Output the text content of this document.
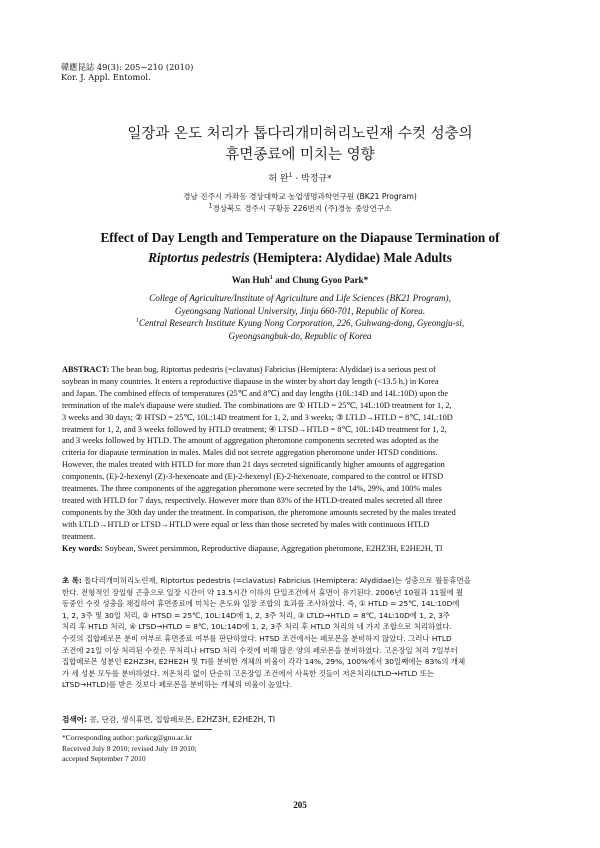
韓應昆誌 49(3): 205∼210 (2010)
Kor. J. Appl. Entomol.
일장과 온도 처리가 톱다리개미허리노린재 수컷 성충의
휴면종료에 미치는 영향
허 완$^1$ · 박정규*
경남 진주시 가좌동 경상대학교 농업생명과학연구원 (BK21 Program)
$^1$경상북도 경주시 구황동 226번지 (주)경농 중앙연구소
Effect of Day Length and Temperature on the Diapause Termination of
Riptortus pedestris (Hemiptera: Alydidae) Male Adults
Wan Huh$^1$ and Chung Gyoo Park*
College of Agriculture/Institute of Agriculture and Life Sciences (BK21 Program),
Gyeongsang National University, Jinju 660-701, Republic of Korea.
$^1$Central Research Institute Kyung Nong Corporation, 226, Guhwang-dong, Gyeongju-si,
Gyeongsangbuk-do, Republic of Korea
ABSTRACT: The bean bug, Riptortus pedestris (=clavatus) Fabricius (Hemiptera: Alydidae) is a serious pest of
soybean in many countries. It enters a reproductive diapause in the winter by short day length (<13.5 h.) in Korea
and Japan. The combined effects of temperatures (25℃ and 8℃) and day lengths (10L:14D and 14L:10D) upon the
termination of the male's diapause were studied. The combinations are ① HTLD = 25℃, 14L:10D treatment for 1, 2,
3 weeks and 30 days; ② HTSD = 25℃, 10L:14D treatment for 1, 2, and 3 weeks; ③ LTLD→HTLD = 8℃, 14L:10D
treatment for 1, 2, and 3 weeks followed by HTLD treatment; ④ LTSD→HTLD = 8℃, 10L:14D treatment for 1, 2,
and 3 weeks followed by HTLD. The amount of aggregation pheromone components secreted was adopted as the
criteria for diapause termination in males. Males did not secrete aggregation pheromone under HTSD conditions.
However, the males treated with HTLD for more than 21 days secreted significantly higher amounts of aggregation
components, (E)-2-hexenyl (Z)-3-hexenoate and (E)-2-hexenyl (E)-2-hexenoate, compared to the control or HTSD
treatments. The three components of the aggregation pheromone were secreted by the 14%, 29%, and 100% males
treated with HTLD for 7 days, respectively. However more than 83% of the HTLD-treated males secreted all three
components by the 30th day under the treatment. In comparison, the pheromone amounts secreted by the males treated
with LTLD→HTLD or LTSD→HTLD were equal or less than those secreted by males with continuous HTLD
treatment.
Key words: Soybean, Sweet persimmon, Reproductive diapause, Aggregation pheromone, E2HZ3H, E2HE2H, Tl
초 록: 톱다리개미허리노린재, Riptortus pedestris (=clavatus) Fabricius (Hemiptera: Alydidae)는 성충으로 월동휴면을
한다. 전형적인 장일형 곤충으로 일장 시간이 약 13.5시간 이하의 단일조건에서 휴면이 유기된다. 2006년 10월과 11월에 월
동중인 수컷 성충을 채집하여 휴면종료에 미치는 온도와 일장 조합의 효과를 조사하였다. 즉, ① HTLD = 25℃, 14L:10D에
1, 2, 3주 및 30일 처리, ② HTSD = 25℃, 10L:14D에 1, 2, 3주 처리, ③ LTLD→HTLD = 8℃, 14L:10D에 1, 2, 3주
처리 후 HTLD 처리, ④ LTSD→HTLD = 8℃, 10L:14D에 1, 2, 3주 처리 후 HTLD 처리의 네 가지 조합으로 처리하였다.
수컷의 집합페로몬 분비 여부로 휴면종료 여부를 판단하였다. HTSD 조건에서는 페로몬을 분비하지 않았다. 그러나 HTLD
조건에 21일 이상 처리된 수컷은 무처리나 HTSD 처리 수컷에 비해 많은 양의 페로몬을 분비하였다. 고온장일 처리 7일부터
집합페로몬 성분인 E2HZ3H, E2HE2H 및 TI를 분비한 개체의 비율이 각각 14%, 29%, 100%에서 30일째에는 83%의 개체
가 세 성분 모두를 분비하였다. 저온처리 없이 단순히 고온장일 조건에서 사육한 것들이 저온처리(LTLD→HTLD 또는
LTSD→HTLD)를 받은 것보다 페로몬을 분비하는 개체의 비율이 높았다.
검색어: 콩, 단감, 생식휴면, 집합페로몬, E2HZ3H, E2HE2H, TI
*Corresponding author: parkcg@gnu.ac.kr
Received July 8 2010; revised July 19 2010;
accepted September 7 2010
205
